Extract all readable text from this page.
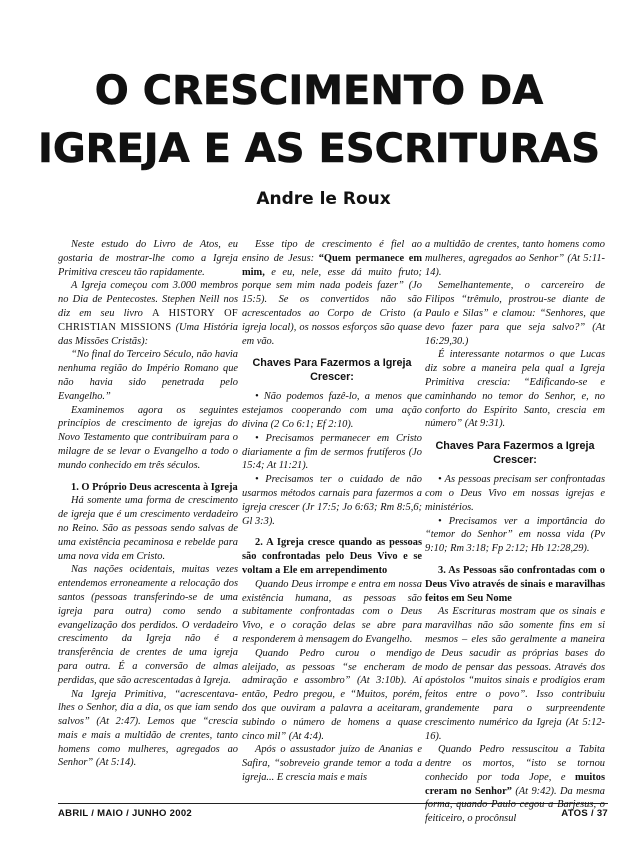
O CRESCIMENTO DA
IGREJA E AS ESCRITURAS
Andre le Roux

Neste estudo do Livro de Atos, eu gostaria de mostrar-lhe como a Igreja Primitiva cresceu tão rapidamente.

A Igreja começou com 3.000 membros no Dia de Pentecostes. Stephen Neill nos diz em seu livro A HISTORY OF CHRISTIAN MISSIONS (Uma História das Missões Cristãs):

“No final do Terceiro Século, não havia nenhuma região do Império Romano que não havia sido penetrada pelo Evangelho.”

Examinemos agora os seguintes princípios de crescimento de igrejas do Novo Testamento que contribuíram para o milagre de se levar o Evangelho a todo o mundo conhecido em três séculos.

1. O Próprio Deus acrescenta à Igreja

Há somente uma forma de crescimento de igreja que é um crescimento verdadeiro no Reino. São as pessoas sendo salvas de uma existência pecaminosa e rebelde para uma nova vida em Cristo.

Nas nações ocidentais, muitas vezes entendemos erroneamente a relocação dos santos (pessoas transferindo-se de uma igreja para outra) como sendo a evangelização dos perdidos. O verdadeiro crescimento da Igreja não é a transferência de crentes de uma igreja para outra. É a conversão de almas perdidas, que são acrescentadas à Igreja.

Na Igreja Primitiva, ‘‘acrescentava-lhes o Senhor, dia a dia, os que iam sendo salvos” (At 2:47). Lemos que “crescia mais e mais a multidão de crentes, tanto homens como mulheres, agregados ao Senhor” (At 5:14).

Esse tipo de crescimento é fiel ao ensino de Jesus: “Quem permanece em mim, e eu, nele, esse dá muito fruto; porque sem mim nada podeis fazer” (Jo 15:5). Se os convertidos não são acrescentados ao Corpo de Cristo (a igreja local), os nossos esforços são quase em vão.

Chaves Para Fazermos a Igreja Crescer:

• Não podemos fazê-lo, a menos que estejamos cooperando com uma ação divina (2 Co 6:1; Ef 2:10).

• Precisamos permanecer em Cristo diariamente a fim de sermos frutíferos (Jo 15:4; At 11:21).

• Precisamos ter o cuidado de não usarmos métodos carnais para fazermos a igreja crescer (Jr 17:5; Jo 6:63; Rm 8:5,6; Gl 3:3).

2. A Igreja cresce quando as pessoas são confrontadas pelo Deus Vivo e se voltam a Ele em arrependimento

Quando Deus irrompe e entra em nossa existência humana, as pessoas são subitamente confrontadas com o Deus Vivo, e o coração delas se abre para responderem à mensagem do Evangelho.

Quando Pedro curou o mendigo aleijado, as pessoas “se encheram de admiração e assombro” (At 3:10b). Aí então, Pedro pregou, e “Muitos, porém, dos que ouviram a palavra a aceitaram, subindo o número de homens a quase cinco mil” (At 4:4).

Após o assustador juízo de Ananias e Safira, “sobreveio grande temor a toda a igreja... E crescia mais e mais

a multidão de crentes, tanto homens como mulheres, agregados ao Senhor” (At 5:11-14).

Semelhantemente, o carcereiro de Filipos “trêmulo, prostrou-se diante de Paulo e Silas” e clamou: “Senhores, que devo fazer para que seja salvo?” (At 16:29,30.)

É interessante notarmos o que Lucas diz sobre a maneira pela qual a Igreja Primitiva crescia: “Edificando-se e caminhando no temor do Senhor, e, no conforto do Espírito Santo, crescia em número” (At 9:31).

Chaves Para Fazermos a Igreja Crescer:

• As pessoas precisam ser confrontadas com o Deus Vivo em nossas igrejas e ministérios.

• Precisamos ver a importância do “temor do Senhor” em nossa vida (Pv 9:10; Rm 3:18; Fp 2:12; Hb 12:28,29).

3. As Pessoas são confrontadas com o Deus Vivo através de sinais e maravilhas feitos em Seu Nome

As Escrituras mostram que os sinais e maravilhas não são somente fins em si mesmos – eles são geralmente a maneira de Deus sacudir as próprias bases do modo de pensar das pessoas. Através dos apóstolos “muitos sinais e prodígios eram feitos entre o povo”. Isso contribuiu grandemente para o surpreendente crescimento numérico da Igreja (At 5:12-16).

Quando Pedro ressuscitou a Tabita dentre os mortos, “isto se tornou conhecido por toda Jope, e muitos creram no Senhor” (At 9:42). Da mesma forma, quando Paulo cegou a Barjesus, o feiticeiro, o procônsul

ABRIL / MAIO / JUNHO 2002	ATOS / 37
